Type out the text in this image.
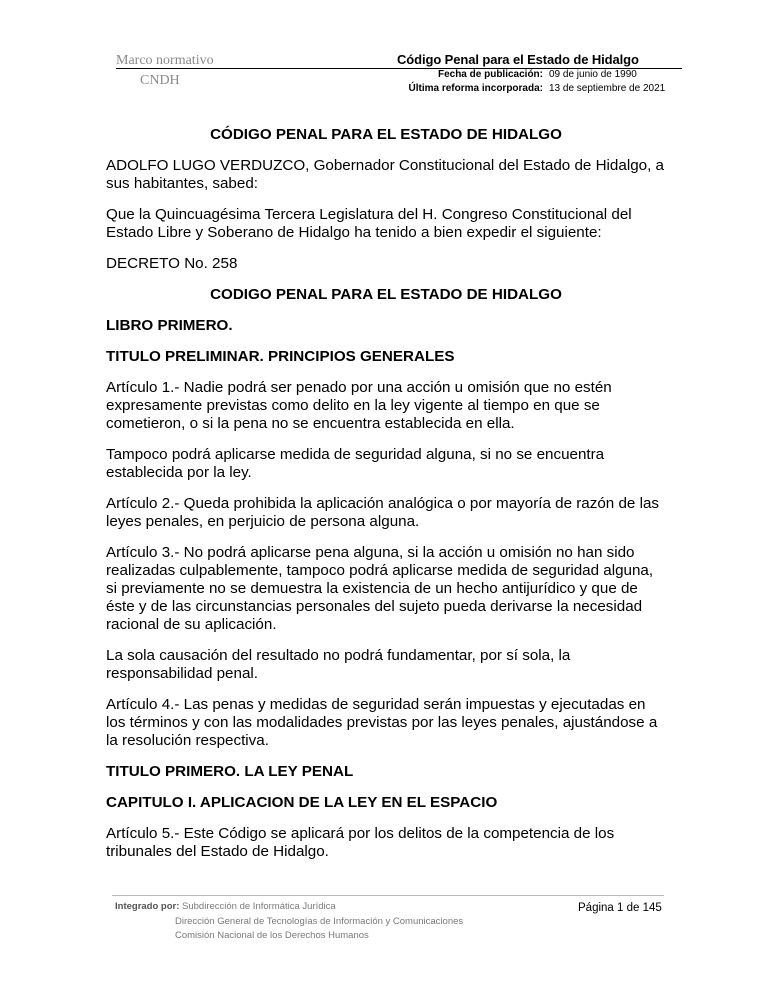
Marco normativo
CNDH
Código Penal para el Estado de Hidalgo
Fecha de publicación: 09 de junio de 1990
Última reforma incorporada: 13 de septiembre de 2021

CÓDIGO PENAL PARA EL ESTADO DE HIDALGO

ADOLFO LUGO VERDUZCO, Gobernador Constitucional del Estado de Hidalgo, a sus habitantes, sabed:

Que la Quincuagésima Tercera Legislatura del H. Congreso Constitucional del Estado Libre y Soberano de Hidalgo ha tenido a bien expedir el siguiente:

DECRETO No. 258

CODIGO PENAL PARA EL ESTADO DE HIDALGO

LIBRO PRIMERO.

TITULO PRELIMINAR. PRINCIPIOS GENERALES

Artículo 1.- Nadie podrá ser penado por una acción u omisión que no estén expresamente previstas como delito en la ley vigente al tiempo en que se cometieron, o si la pena no se encuentra establecida en ella.

Tampoco podrá aplicarse medida de seguridad alguna, si no se encuentra establecida por la ley.

Artículo 2.- Queda prohibida la aplicación analógica o por mayoría de razón de las leyes penales, en perjuicio de persona alguna.

Artículo 3.- No podrá aplicarse pena alguna, si la acción u omisión no han sido realizadas culpablemente, tampoco podrá aplicarse medida de seguridad alguna, si previamente no se demuestra la existencia de un hecho antijurídico y que de éste y de las circunstancias personales del sujeto pueda derivarse la necesidad racional de su aplicación.

La sola causación del resultado no podrá fundamentar, por sí sola, la responsabilidad penal.

Artículo 4.- Las penas y medidas de seguridad serán impuestas y ejecutadas en los términos y con las modalidades previstas por las leyes penales, ajustándose a la resolución respectiva.

TITULO PRIMERO. LA LEY PENAL

CAPITULO I. APLICACION DE LA LEY EN EL ESPACIO

Artículo 5.- Este Código se aplicará por los delitos de la competencia de los tribunales del Estado de Hidalgo.

Integrado por: Subdirección de Informática Jurídica
Dirección General de Tecnologías de Información y Comunicaciones
Comisión Nacional de los Derechos Humanos
Página 1 de 145
